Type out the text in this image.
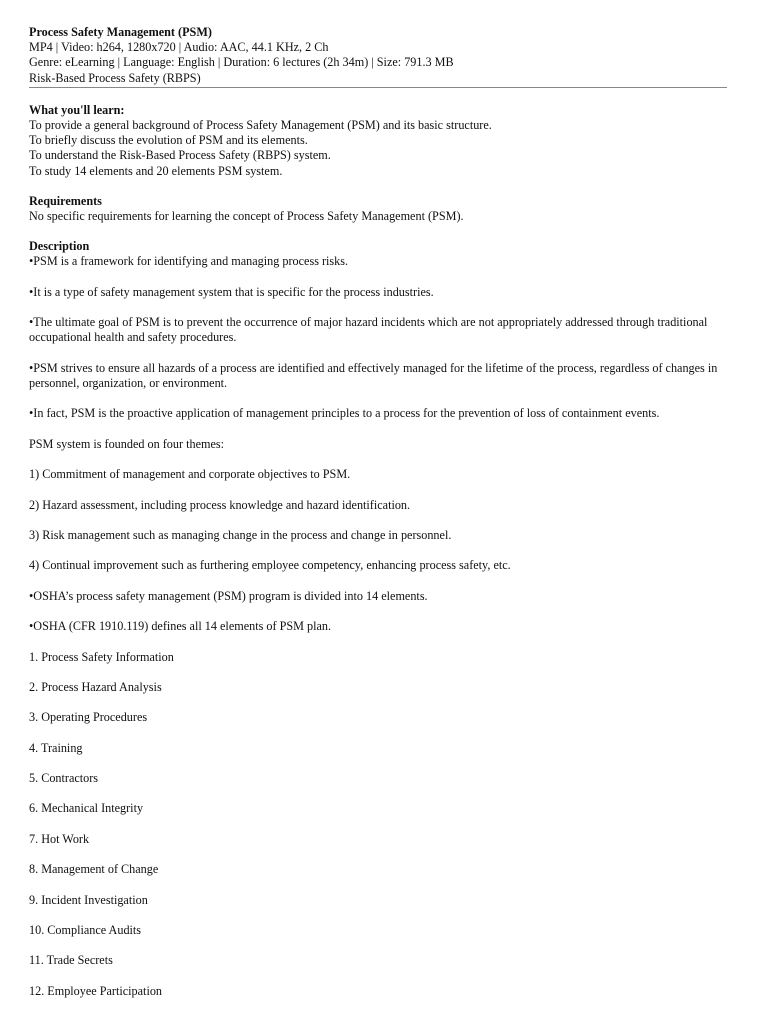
Process Safety Management (PSM)

MP4 | Video: h264, 1280x720 | Audio: AAC, 44.1 KHz, 2 Ch

Genre: eLearning | Language: English | Duration: 6 lectures (2h 34m) | Size: 791.3 MB

Risk-Based Process Safety (RBPS)

What you'll learn:

To provide a general background of Process Safety Management (PSM) and its basic structure.

To briefly discuss the evolution of PSM and its elements.

To understand the Risk-Based Process Safety (RBPS) system.

To study 14 elements and 20 elements PSM system.

Requirements

No specific requirements for learning the concept of Process Safety Management (PSM).

Description

•PSM is a framework for identifying and managing process risks.

•It is a type of safety management system that is specific for the process industries.

•The ultimate goal of PSM is to prevent the occurrence of major hazard incidents which are not appropriately addressed through traditional occupational health and safety procedures.

•PSM strives to ensure all hazards of a process are identified and effectively managed for the lifetime of the process, regardless of changes in personnel, organization, or environment.

•In fact, PSM is the proactive application of management principles to a process for the prevention of loss of containment events.

PSM system is founded on four themes:

1) Commitment of management and corporate objectives to PSM.

2) Hazard assessment, including process knowledge and hazard identification.

3) Risk management such as managing change in the process and change in personnel.

4) Continual improvement such as furthering employee competency, enhancing process safety, etc.

•OSHA’s process safety management (PSM) program is divided into 14 elements.

•OSHA (CFR 1910.119) defines all 14 elements of PSM plan.

1. Process Safety Information

2. Process Hazard Analysis

3. Operating Procedures

4. Training

5. Contractors

6. Mechanical Integrity

7. Hot Work

8. Management of Change

9. Incident Investigation

10. Compliance Audits

11. Trade Secrets

12. Employee Participation
